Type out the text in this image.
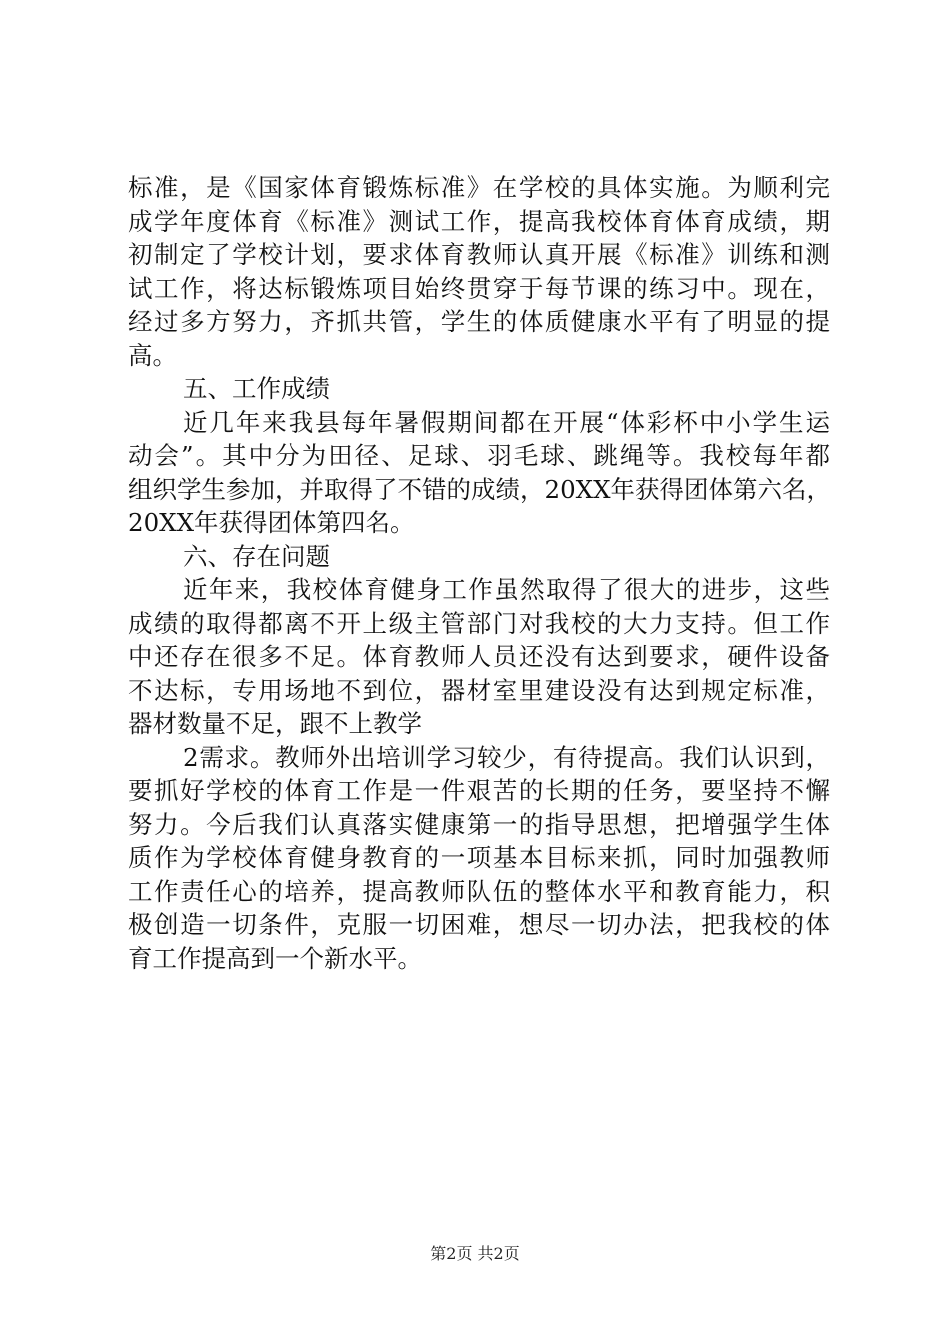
标准，是《国家体育锻炼标准》在学校的具体实施。为顺利完
成学年度体育《标准》测试工作，提高我校体育体育成绩，期
初制定了学校计划，要求体育教师认真开展《标准》训练和测
试工作，将达标锻炼项目始终贯穿于每节课的练习中。现在，
经过多方努力，齐抓共管，学生的体质健康水平有了明显的提
高。
五、工作成绩
近几年来我县每年暑假期间都在开展“体彩杯中小学生运
动会”。其中分为田径、足球、羽毛球、跳绳等。我校每年都
组织学生参加，并取得了不错的成绩，20XX年获得团体第六名，
20XX年获得团体第四名。
六、存在问题
近年来，我校体育健身工作虽然取得了很大的进步，这些
成绩的取得都离不开上级主管部门对我校的大力支持。但工作
中还存在很多不足。体育教师人员还没有达到要求，硬件设备
不达标，专用场地不到位，器材室里建设没有达到规定标准，
器材数量不足，跟不上教学
2需求。教师外出培训学习较少，有待提高。我们认识到，
要抓好学校的体育工作是一件艰苦的长期的任务，要坚持不懈
努力。今后我们认真落实健康第一的指导思想，把增强学生体
质作为学校体育健身教育的一项基本目标来抓，同时加强教师
工作责任心的培养，提高教师队伍的整体水平和教育能力，积
极创造一切条件，克服一切困难，想尽一切办法，把我校的体
育工作提高到一个新水平。
第2页 共2页
